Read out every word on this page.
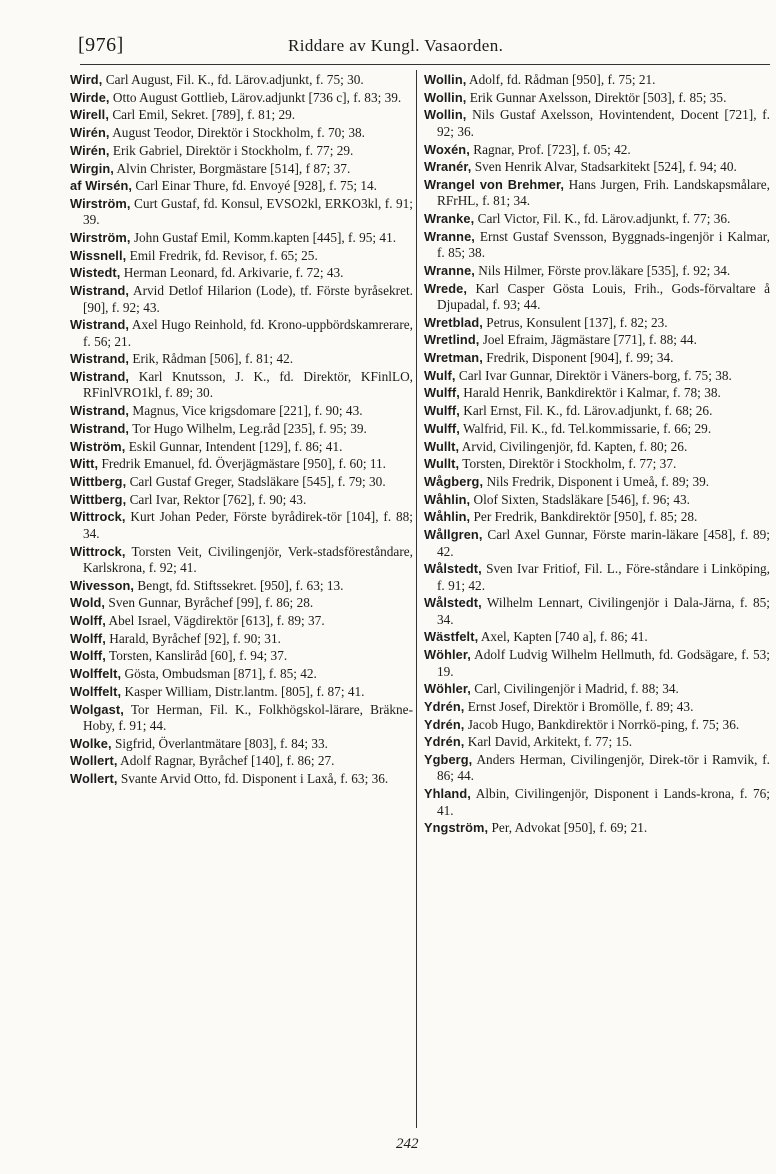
[976]	Riddare av Kungl. Vasaorden.

Wird, Carl August, Fil. K., fd. Lärov.adjunkt, f. 75; 30.

Wirde, Otto August Gottlieb, Lärov.adjunkt [736 c], f. 83; 39.

Wirell, Carl Emil, Sekret. [789], f. 81; 29.

Wirén, August Teodor, Direktör i Stockholm, f. 70; 38.

Wirén, Erik Gabriel, Direktör i Stockholm, f. 77; 29.

Wirgin, Alvin Christer, Borgmästare [514], f 87; 37.

af Wirsén, Carl Einar Thure, fd. Envoyé [928], f. 75; 14.

Wirström, Curt Gustaf, fd. Konsul, EVSO2kl, ERKO3kl, f. 91; 39.

Wirström, John Gustaf Emil, Komm.kapten [445], f. 95; 41.

Wissnell, Emil Fredrik, fd. Revisor, f. 65; 25.

Wistedt, Herman Leonard, fd. Arkivarie, f. 72; 43.

Wistrand, Arvid Detlof Hilarion (Lode), tf. Förste byråsekret. [90], f. 92; 43.

Wistrand, Axel Hugo Reinhold, fd. Krono-uppbördskamrerare, f. 56; 21.

Wistrand, Erik, Rådman [506], f. 81; 42.

Wistrand, Karl Knutsson, J. K., fd. Direktör, KFinlLO, RFinlVRO1kl, f. 89; 30.

Wistrand, Magnus, Vice krigsdomare [221], f. 90; 43.

Wistrand, Tor Hugo Wilhelm, Leg.råd [235], f. 95; 39.

Wiström, Eskil Gunnar, Intendent [129], f. 86; 41.

Witt, Fredrik Emanuel, fd. Överjägmästare [950], f. 60; 11.

Wittberg, Carl Gustaf Greger, Stadsläkare [545], f. 79; 30.

Wittberg, Carl Ivar, Rektor [762], f. 90; 43.

Wittrock, Kurt Johan Peder, Förste byrådirek-tör [104], f. 88; 34.

Wittrock, Torsten Veit, Civilingenjör, Verk-stadsföreståndare, Karlskrona, f. 92; 41.

Wivesson, Bengt, fd. Stiftssekret. [950], f. 63; 13.

Wold, Sven Gunnar, Byråchef [99], f. 86; 28.

Wolff, Abel Israel, Vägdirektör [613], f. 89; 37.

Wolff, Harald, Byråchef [92], f. 90; 31.

Wolff, Torsten, Kanslіråd [60], f. 94; 37.

Wolffelt, Gösta, Ombudsman [871], f. 85; 42.

Wolffelt, Kasper William, Distr.lantm. [805], f. 87; 41.

Wolgast, Tor Herman, Fil. K., Folkhögskol-lärare, Bräkne-Hoby, f. 91; 44.

Wolke, Sigfrid, Överlantmätare [803], f. 84; 33.

Wollert, Adolf Ragnar, Byråchef [140], f. 86; 27.

Wollert, Svante Arvid Otto, fd. Disponent i Laxå, f. 63; 36.

Wollin, Adolf, fd. Rådman [950], f. 75; 21.

Wollin, Erik Gunnar Axelsson, Direktör [503], f. 85; 35.

Wollin, Nils Gustaf Axelsson, Hovintendent, Docent [721], f. 92; 36.

Woxén, Ragnar, Prof. [723], f. 05; 42.

Wranér, Sven Henrik Alvar, Stadsarkitekt [524], f. 94; 40.

Wrangel von Brehmer, Hans Jurgen, Frih. Landskapsmålare, RFrHL, f. 81; 34.

Wranke, Carl Victor, Fil. K., fd. Lärov.adjunkt, f. 77; 36.

Wranne, Ernst Gustaf Svensson, Byggnads-ingenjör i Kalmar, f. 85; 38.

Wranne, Nils Hilmer, Förste prov.läkare [535], f. 92; 34.

Wrede, Karl Casper Gösta Louis, Frih., Gods-förvaltare å Djupadal, f. 93; 44.

Wretblad, Petrus, Konsulent [137], f. 82; 23.

Wretlind, Joel Efraim, Jägmästare [771], f. 88; 44.

Wretman, Fredrik, Disponent [904], f. 99; 34.

Wulf, Carl Ivar Gunnar, Direktör i Väners-borg, f. 75; 38.

Wulff, Harald Henrik, Bankdirektör i Kalmar, f. 78; 38.

Wulff, Karl Ernst, Fil. K., fd. Lärov.adjunkt, f. 68; 26.

Wulff, Walfrid, Fil. K., fd. Tel.kommissarie, f. 66; 29.

Wullt, Arvid, Civilingenjör, fd. Kapten, f. 80; 26.

Wullt, Torsten, Direktör i Stockholm, f. 77; 37.

Wågberg, Nils Fredrik, Disponent i Umeå, f. 89; 39.

Wåhlin, Olof Sixten, Stadsläkare [546], f. 96; 43.

Wåhlin, Per Fredrik, Bankdirektör [950], f. 85; 28.

Wållgren, Carl Axel Gunnar, Förste marin-läkare [458], f. 89; 42.

Wålstedt, Sven Ivar Fritiof, Fil. L., Före-ståndare i Linköping, f. 91; 42.

Wålstedt, Wilhelm Lennart, Civilingenjör i Dala-Järna, f. 85; 34.

Wästfelt, Axel, Kapten [740 a], f. 86; 41.

Wöhler, Adolf Ludvig Wilhelm Hellmuth, fd. Godsägare, f. 53; 19.

Wöhler, Carl, Civilingenjör i Madrid, f. 88; 34.

Ydrén, Ernst Josef, Direktör i Bromölle, f. 89; 43.

Ydrén, Jacob Hugo, Bankdirektör i Norrkö-ping, f. 75; 36.

Ydrén, Karl David, Arkitekt, f. 77; 15.

Ygberg, Anders Herman, Civilingenjör, Direk-tör i Ramvik, f. 86; 44.

Yhland, Albin, Civilingenjör, Disponent i Lands-krona, f. 76; 41.

Yngström, Per, Advokat [950], f. 69; 21.

242
